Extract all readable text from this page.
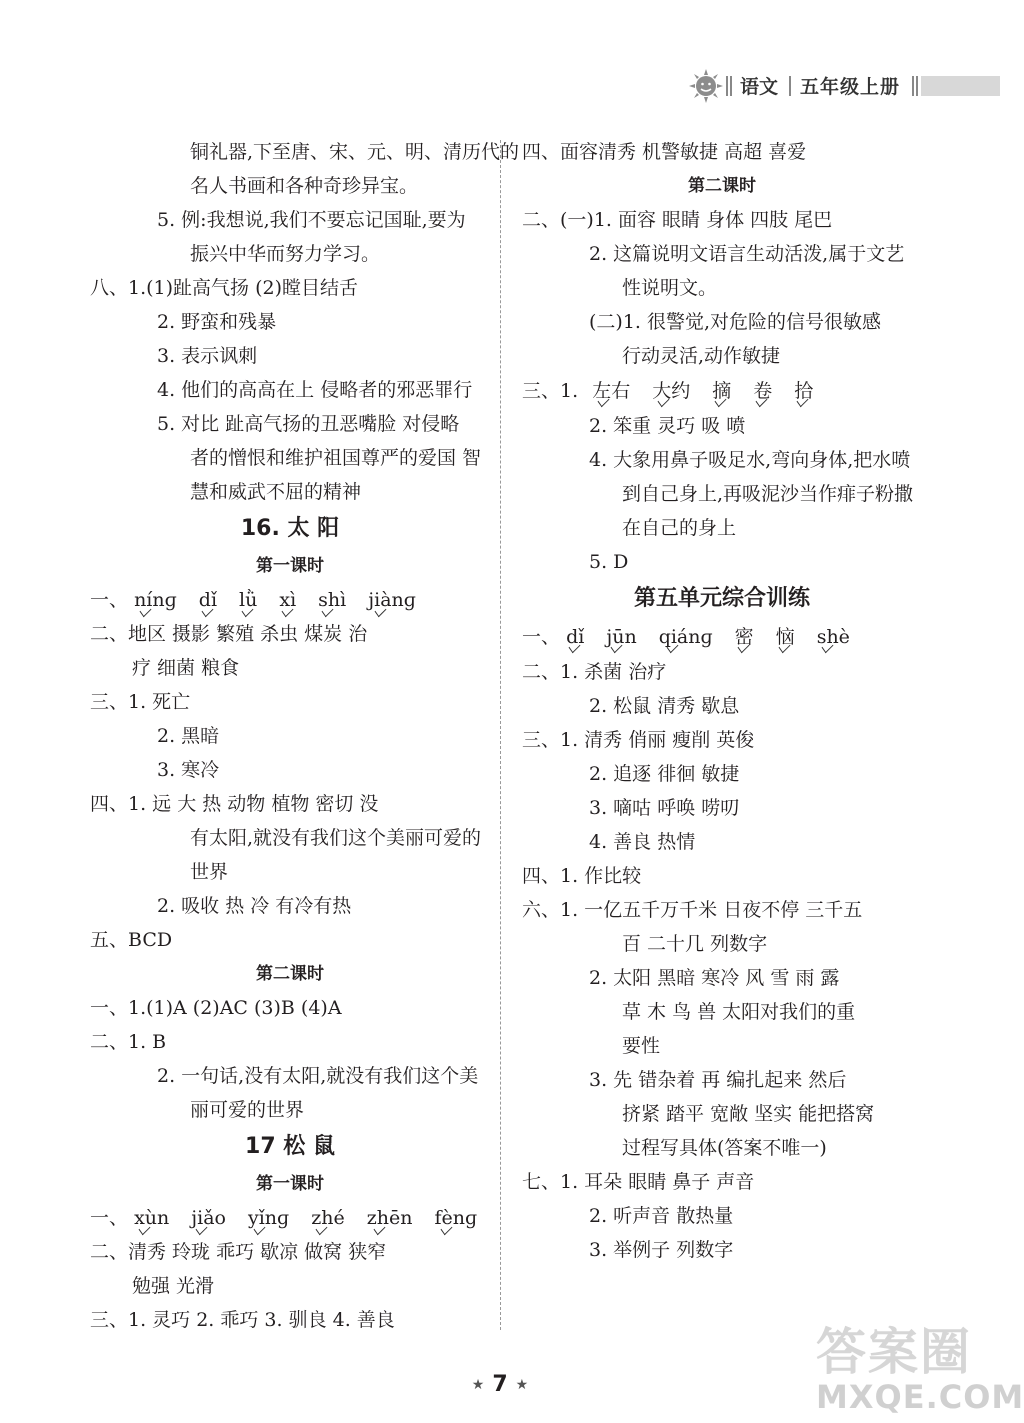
语文 五年级上册
铜礼器,下至唐、宋、元、明、清历代的
名人书画和各种奇珍异宝。
5. 例:我想说,我们不要忘记国耻,要为
振兴中华而努力学习。
八、1.(1)趾高气扬 (2)瞠目结舌
2. 野蛮和残暴
3. 表示讽刺
4. 他们的高高在上 侵略者的邪恶罪行
5. 对比 趾高气扬的丑恶嘴脸 对侵略
者的憎恨和维护祖国尊严的爱国 智
慧和威武不屈的精神
16. 太 阳
第一课时
一、 nínɡ dǐ lǜ xì shì jiànɡ
二、地区 摄影 繁殖 杀虫 煤炭 治
疗 细菌 粮食
三、1. 死亡
2. 黑暗
3. 寒冷
四、1. 远 大 热 动物 植物 密切 没
有太阳,就没有我们这个美丽可爱的
世界
2. 吸收 热 冷 有冷有热
五、BCD
第二课时
一、1.(1)A (2)AC (3)B (4)A
二、1. B
2. 一句话,没有太阳,就没有我们这个美
丽可爱的世界
17 松 鼠
第一课时
一、 xùn jiǎo yǐnɡ zhé zhēn fènɡ
二、清秀 玲珑 乖巧 歇凉 做窝 狭窄
勉强 光滑
三、1. 灵巧 2. 乖巧 3. 驯良 4. 善良
四、面容清秀 机警敏捷 高超 喜爱
第二课时
二、(一)1. 面容 眼睛 身体 四肢 尾巴
2. 这篇说明文语言生动活泼,属于文艺
性说明文。
(二)1. 很警觉,对危险的信号很敏感
行动灵活,动作敏捷
三、1. 左右 大约 摘 卷 拾
2. 笨重 灵巧 吸 喷
4. 大象用鼻子吸足水,弯向身体,把水喷
到自己身上,再吸泥沙当作痱子粉撒
在自己的身上
5. D
第五单元综合训练
一、 dǐ jūn qiánɡ 密 恼 shè
二、1. 杀菌 治疗
2. 松鼠 清秀 歇息
三、1. 清秀 俏丽 瘦削 英俊
2. 追逐 徘徊 敏捷
3. 嘀咕 呼唤 唠叨
4. 善良 热情
四、1. 作比较
六、1. 一亿五千万千米 日夜不停 三千五
百 二十几 列数字
2. 太阳 黑暗 寒冷 风 雪 雨 露
草 木 鸟 兽 太阳对我们的重
要性
3. 先 错杂着 再 编扎起来 然后
挤紧 踏平 宽敞 坚实 能把搭窝
过程写具体(答案不唯一)
七、1. 耳朵 眼睛 鼻子 声音
2. 听声音 散热量
3. 举例子 列数字
★ 7 ★
答案圈
MXQE.COM
